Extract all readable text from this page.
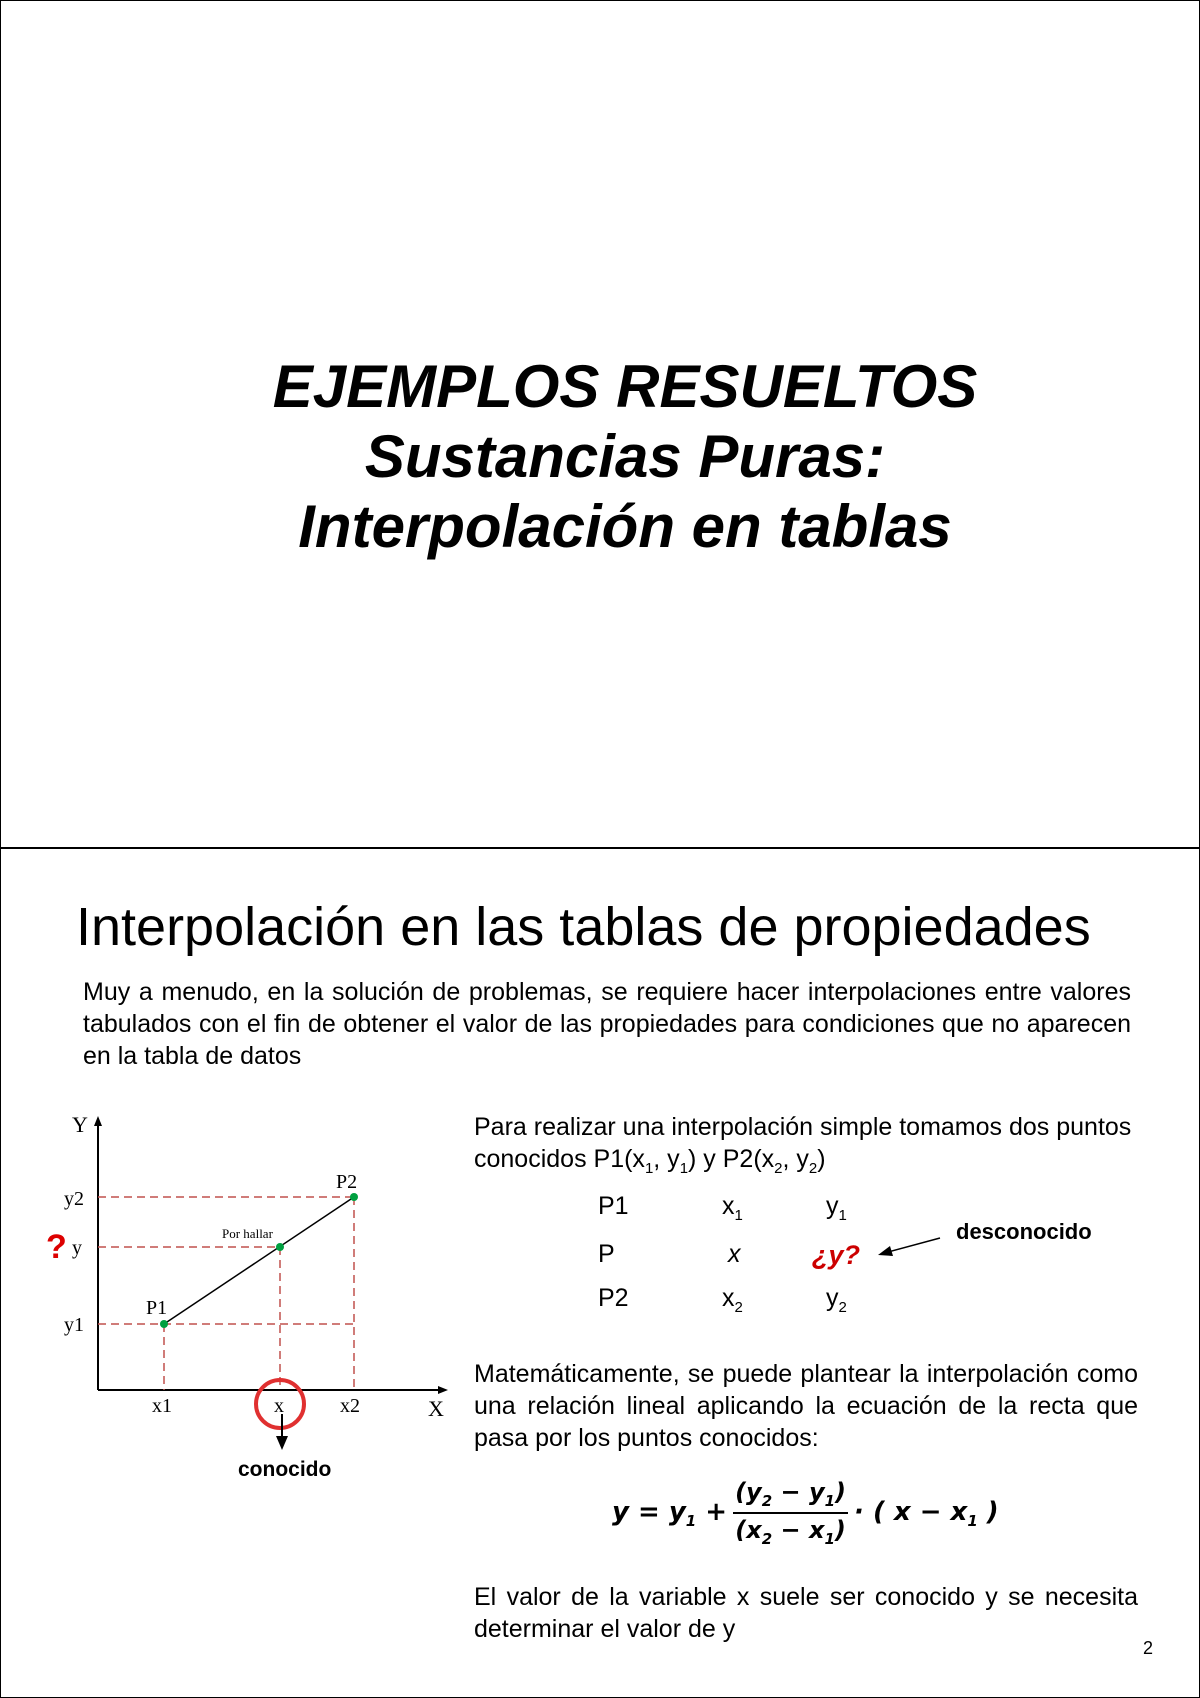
EJEMPLOS RESUELTOS
Sustancias Puras:
Interpolación en tablas
Interpolación en las tablas de propiedades
Muy a menudo, en la solución de problemas, se requiere hacer interpolaciones entre valores tabulados con el fin de obtener el valor de las propiedades para condiciones que no aparecen en la tabla de datos
Y
X
y2
y
y1
x1	x	x2
P1
P2
Por hallar
?
conocido
Para realizar una interpolación simple tomamos dos puntos conocidos $P1(x_1$, $y_1$) y $P2(x_2$, $y_2$)
P1	$x_1$	$y_1$
P	x	¿y?
P2	$x_2$	$y_2$
desconocido
Matemáticamente, se puede plantear la interpolación como una relación lineal aplicando la ecuación de la recta que pasa por los puntos conocidos:
$y = y_1 + \frac{(y_2 - y_1)}{(x_2 - x_1)}$ · ( $x - x_1$ )
El valor de la variable x suele ser conocido y se necesita determinar el valor de y
2
